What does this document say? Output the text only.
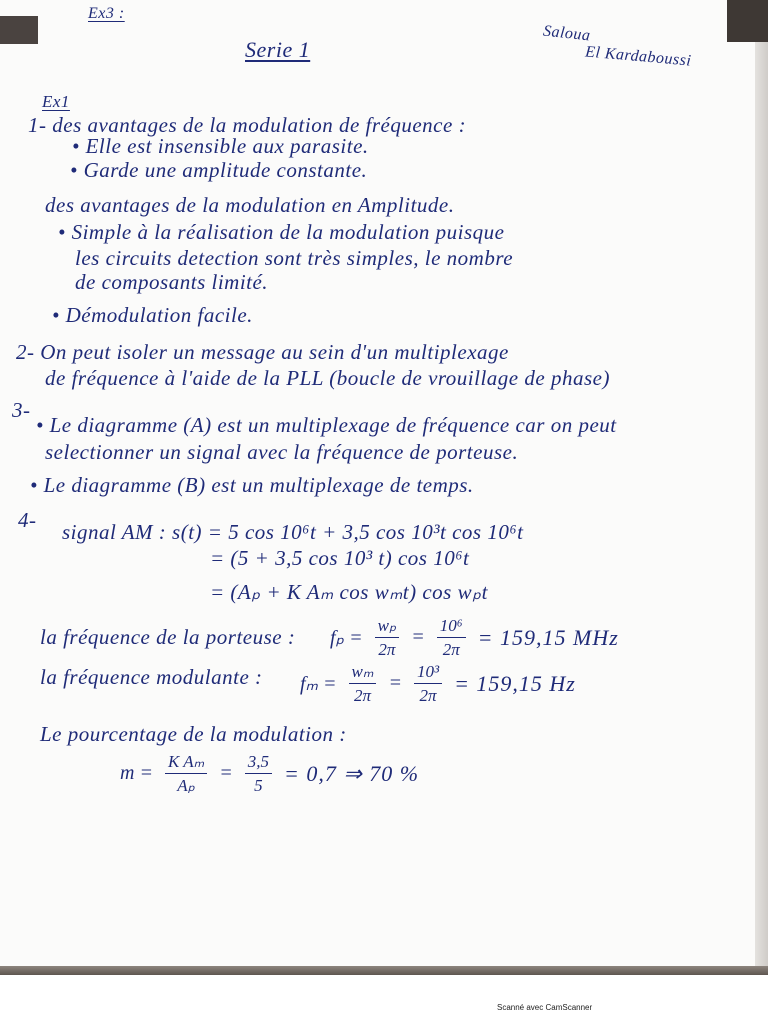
Ex3 :
Saloua
El Kardaboussi
Serie 1
Ex1
1- des avantages de la modulation de fréquence :
• Elle est insensible aux parasite.
• Garde une amplitude constante.
des avantages de la modulation en Amplitude.
• Simple à la réalisation de la modulation puisque
les circuits detection sont très simples, le nombre
de composants limité.
• Démodulation facile.
2- On peut isoler un message au sein d'un multiplexage
de fréquence à l'aide de la PLL (boucle de vrouillage de phase)
3-
• Le diagramme (A) est un multiplexage de fréquence car on peut
selectionner un signal avec la fréquence de porteuse.
• Le diagramme (B) est un multiplexage de temps.
4- signal AM : s(t) = 5 cos 10⁶t + 3,5 cos 10³t cos 10⁶t
= (5 + 3,5 cos 10³ t) cos 10⁶t
= (Aₚ + K Aₘ cos wₘt) cos wₚt
la fréquence de la porteuse : $f_p = \frac{\text{wₚ}}{2\pi} = \frac{\text{10⁶}}{2\pi} = 159,15$ MHz
la fréquence modulante : $f_m = \frac{\text{wₘ}}{2\pi} = \frac{\text{10³}}{2\pi} = 159,15$ Hz
Le pourcentage de la modulation :
$m = \frac{\text{K Aₘ}}{\text{Aₚ}} = \frac{3,5}{5} = 0,7$ ⇒ 70 %
Scanné avec CamScanner
